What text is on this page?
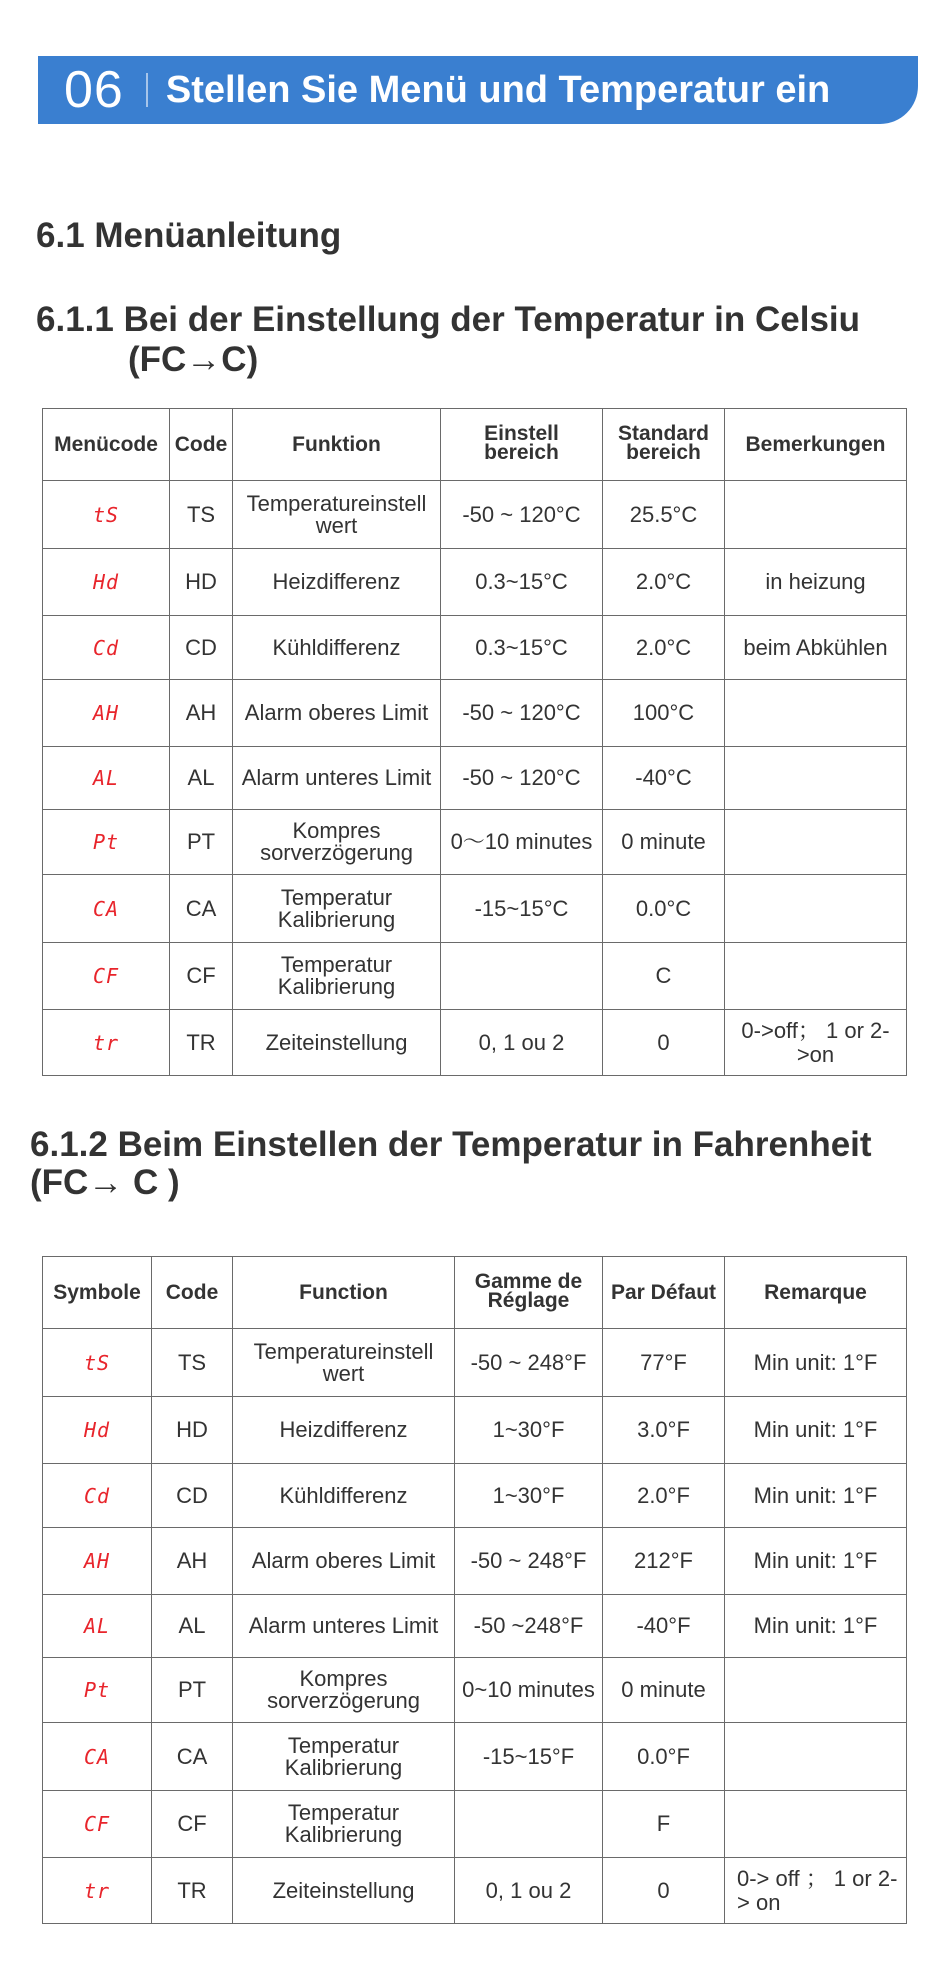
06 Stellen Sie Menü und Temperatur ein
6.1 Menüanleitung
6.1.1 Bei der Einstellung der Temperatur in Celsiu
(FC→C)
Menücode	Code	Funktion	Einstell bereich	Standard bereich	Bemerkungen
tS	TS	Temperatureinstell wert	-50 ~ 120°C	25.5°C	
Hd	HD	Heizdifferenz	0.3~15°C	2.0°C	in heizung
Cd	CD	Kühldifferenz	0.3~15°C	2.0°C	beim Abkühlen
AH	AH	Alarm oberes Limit	-50 ~ 120°C	100°C	
AL	AL	Alarm unteres Limit	-50 ~ 120°C	-40°C	
Pt	PT	Kompres sorverzögerung	0～10 minutes	0 minute	
CA	CA	Temperatur Kalibrierung	-15~15°C	0.0°C	
CF	CF	Temperatur Kalibrierung		C	
tr	TR	Zeiteinstellung	0, 1 ou 2	0	0->off； 1 or 2->on
6.1.2 Beim Einstellen der Temperatur in Fahrenheit
(FC→ C )
Symbole	Code	Function	Gamme de Réglage	Par Défaut	Remarque
tS	TS	Temperatureinstell wert	-50 ~ 248°F	77°F	Min unit: 1°F
Hd	HD	Heizdifferenz	1~30°F	3.0°F	Min unit: 1°F
Cd	CD	Kühldifferenz	1~30°F	2.0°F	Min unit: 1°F
AH	AH	Alarm oberes Limit	-50 ~ 248°F	212°F	Min unit: 1°F
AL	AL	Alarm unteres Limit	-50 ~248°F	-40°F	Min unit: 1°F
Pt	PT	Kompres sorverzögerung	0~10 minutes	0 minute	
CA	CA	Temperatur Kalibrierung	-15~15°F	0.0°F	
CF	CF	Temperatur Kalibrierung		F	
tr	TR	Zeiteinstellung	0, 1 ou 2	0	0-> off ； 1 or 2-> on
